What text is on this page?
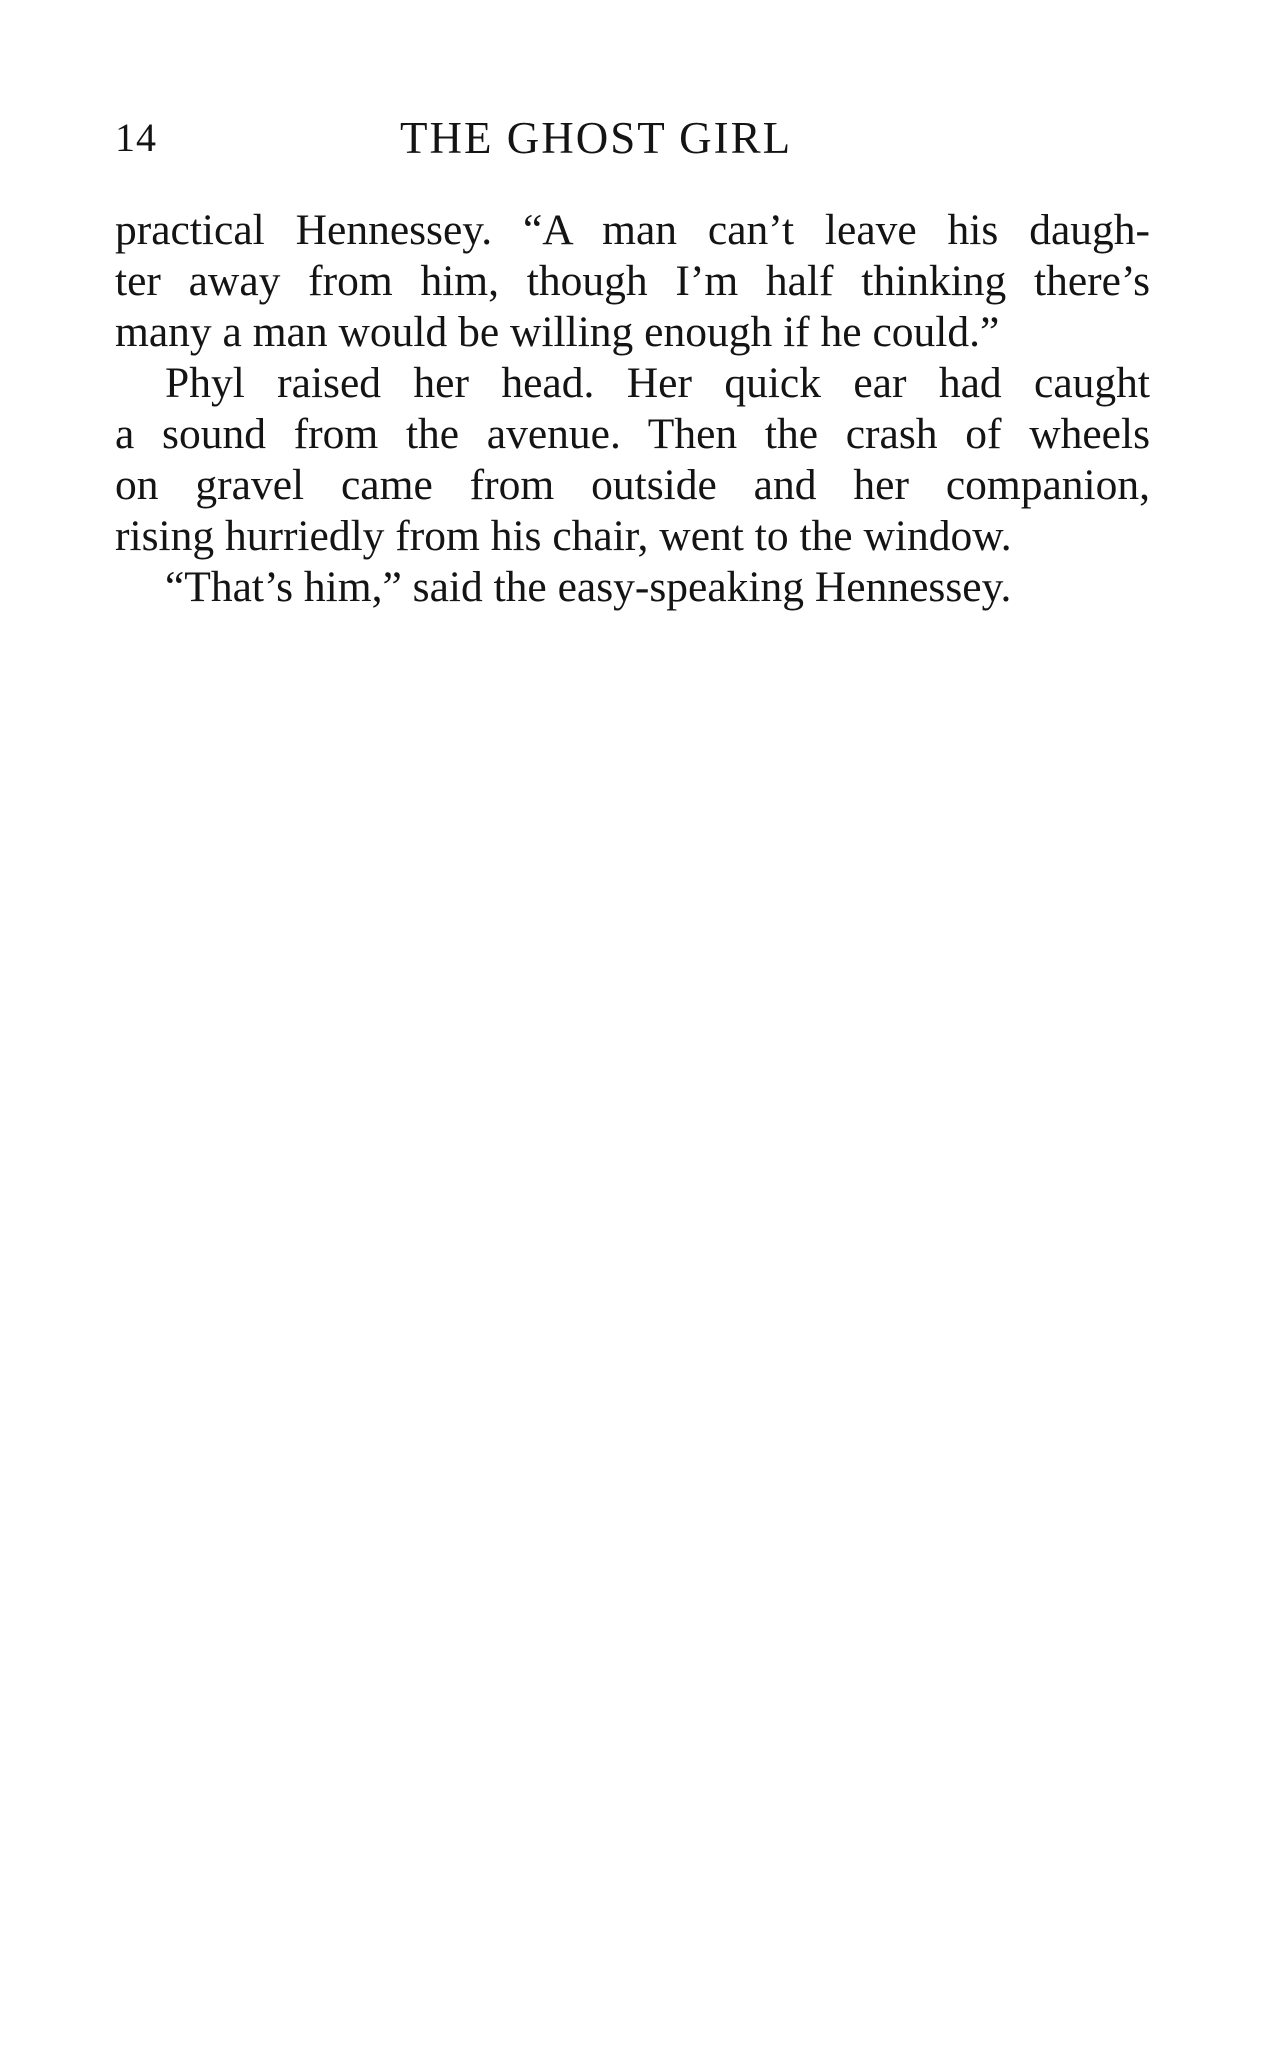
14	THE GHOST GIRL
practical Hennessey. “A man can’t leave his daugh-
ter away from him, though I’m half thinking there’s
many a man would be willing enough if he could.”
Phyl raised her head. Her quick ear had caught
a sound from the avenue. Then the crash of wheels
on gravel came from outside and her companion,
rising hurriedly from his chair, went to the window.
“That’s him,” said the easy-speaking Hennessey.
